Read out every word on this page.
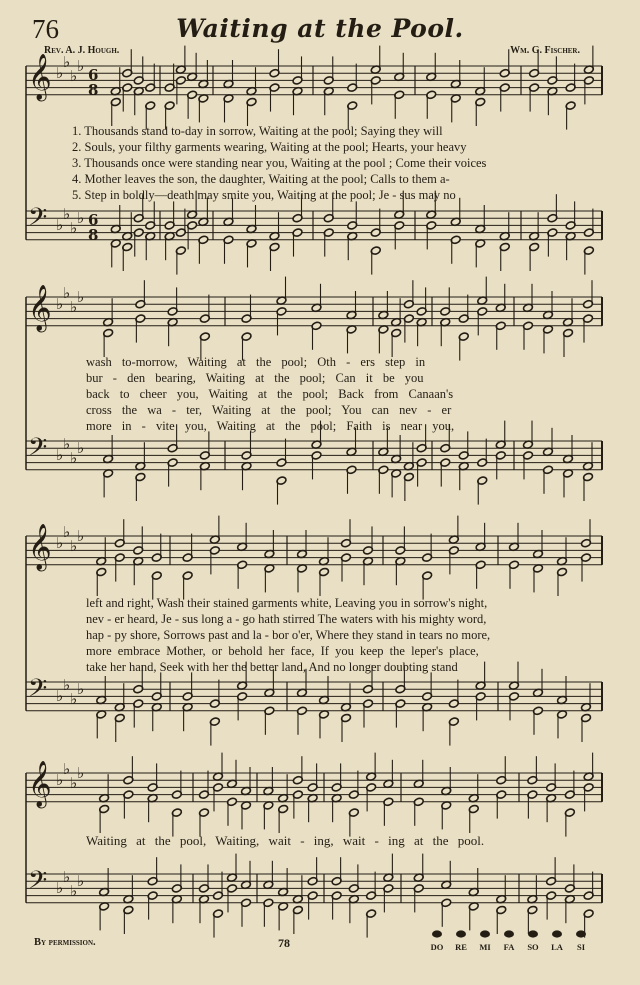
76	Waiting at the Pool.
Rev. A. J. Hough.	Wm. G. Fischer.
𝄞
𝄢
♭
♭
♭
♭
♭
♭
♭
♭
6
8
6
8
𝄞
𝄢
♭
♭
♭
♭
♭
♭
♭
♭
𝄞
𝄢
♭
♭
♭
♭
♭
♭
♭
♭
𝄞
𝄢
♭
♭
♭
♭
♭
♭
♭
♭
1. Thousands stand to-day in sorrow, Waiting at the pool; Saying they will
2. Souls, your filthy garments wearing, Waiting at the pool; Hearts, your heavy
3. Thousands once were standing near you, Waiting at the pool ; Come their voices
4. Mother leaves the son, the daughter, Waiting at the pool; Calls to them a-
5. Step in boldly—death may smite you, Waiting at the pool; Je - sus may no
wash to-morrow, Waiting at the pool; Oth - ers step in
bur - den bearing, Waiting at the pool; Can it be you
back to cheer you, Waiting at the pool; Back from Canaan's
cross the wa - ter, Waiting at the pool; You can nev - er
more in - vite you, Waiting at the pool; Faith is near you,
left and right, Wash their stained garments white, Leaving you in sorrow's night,
nev - er heard, Je - sus long a - go hath stirred The waters with his mighty word,
hap - py shore, Sorrows past and la - bor o'er, Where they stand in tears no more,
more embrace Mother, or behold her face, If you keep the leper's place,
take her hand, Seek with her the better land, And no longer doubting stand
Waiting at the pool, Waiting, wait - ing, wait - ing at the pool.
By permission.	78	DO	RE	MI	FA	SO	LA	SI
